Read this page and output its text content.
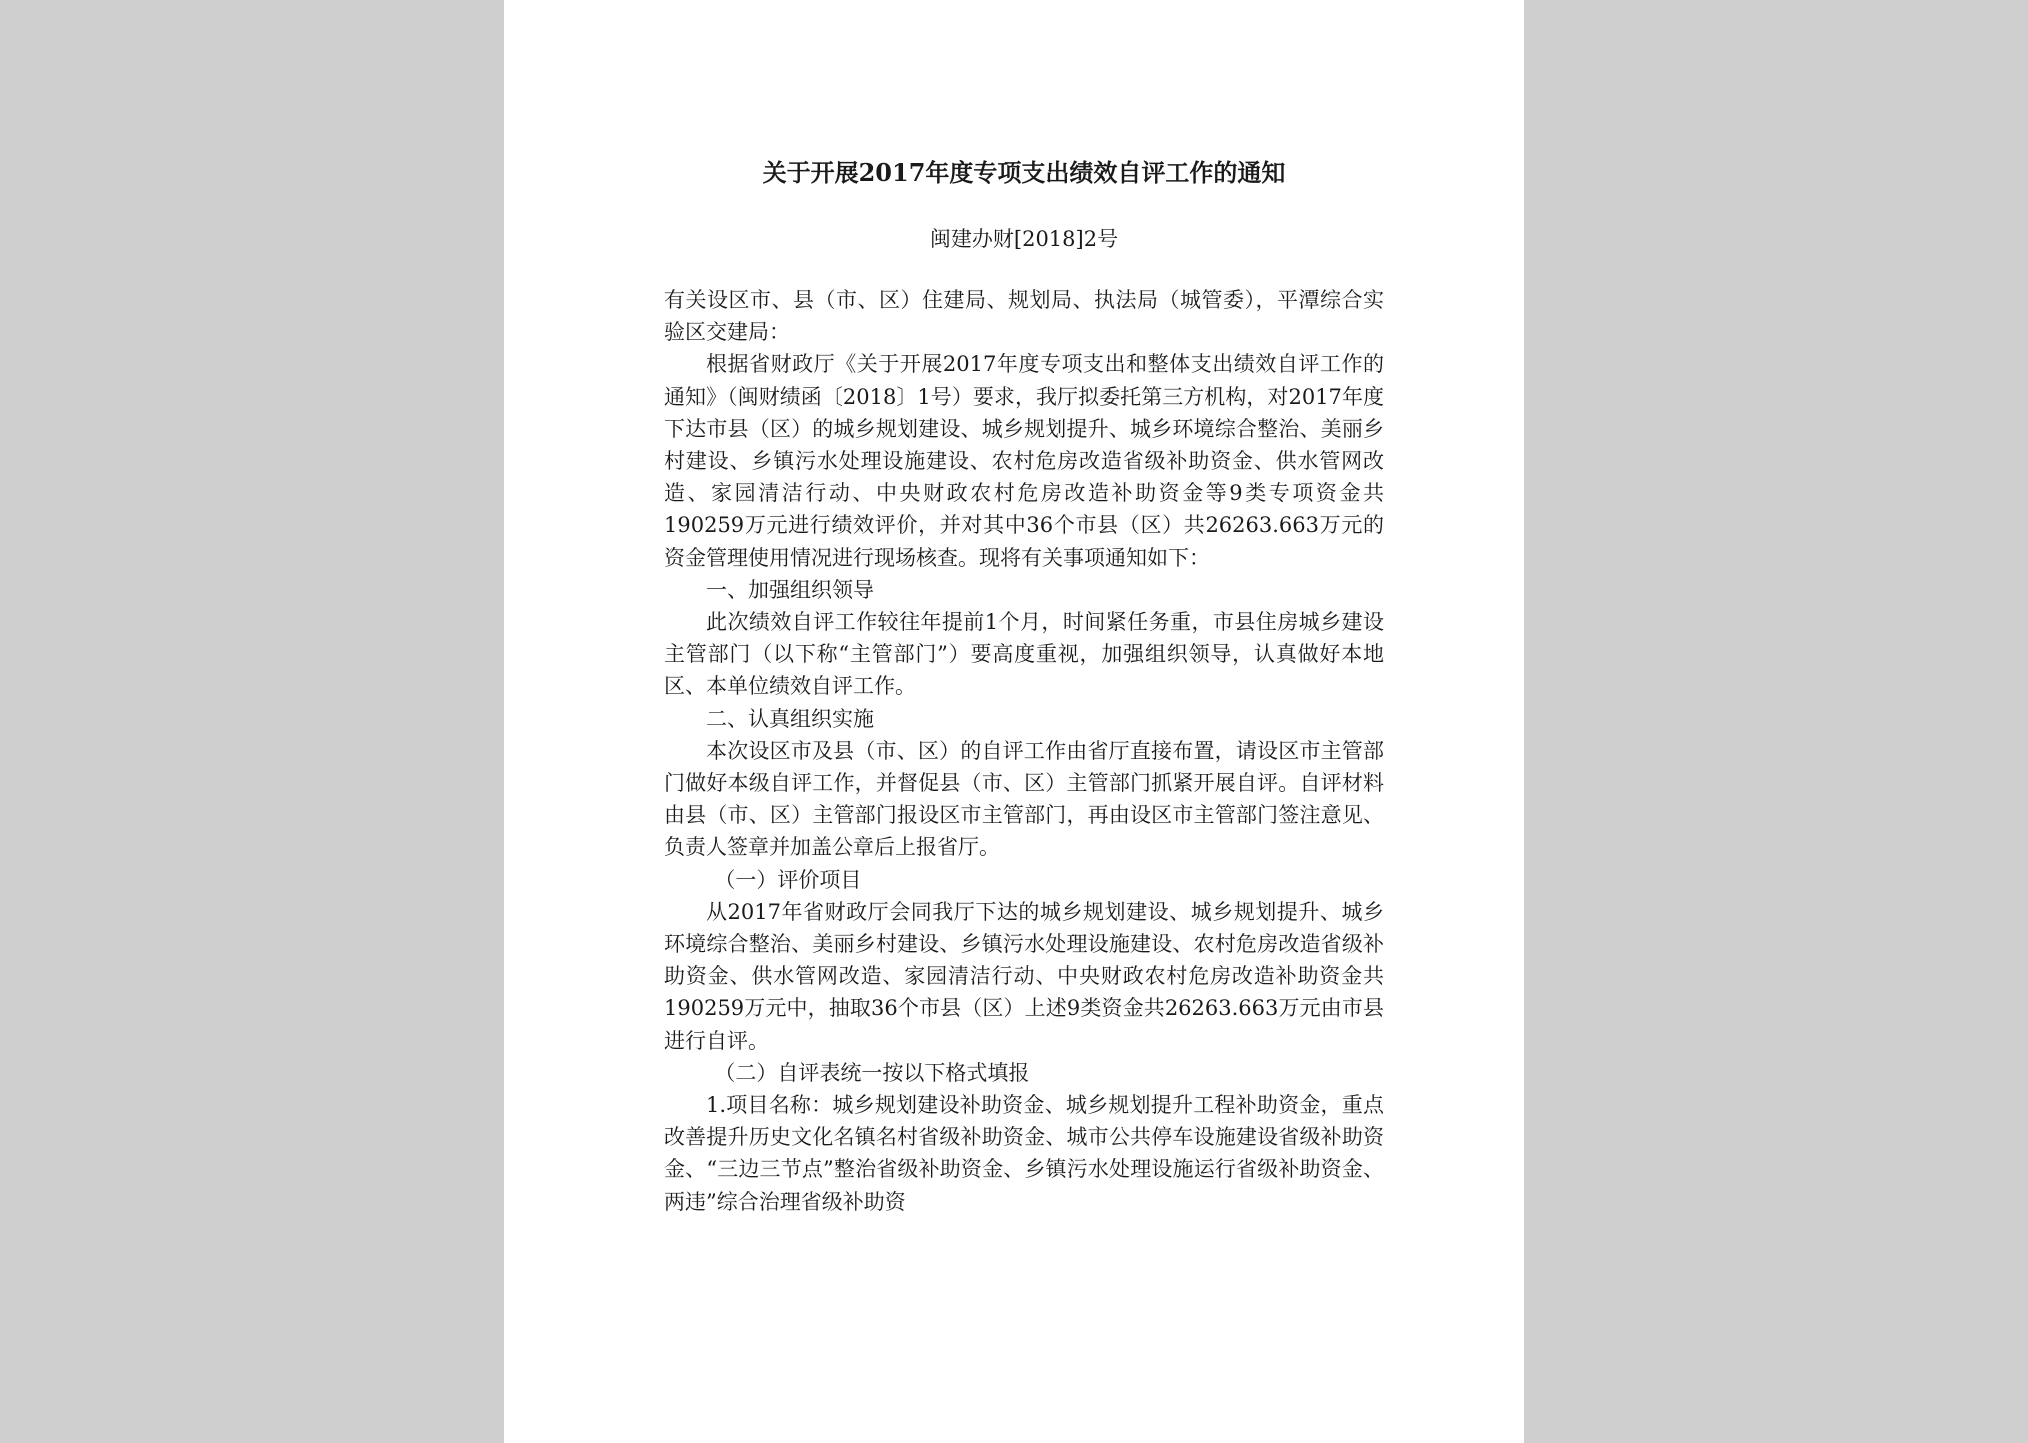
关于开展2017年度专项支出绩效自评工作的通知
闽建办财[2018]2号

有关设区市、县（市、区）住建局、规划局、执法局（城管委），平潭综合实验区交建局：

根据省财政厅《关于开展2017年度专项支出和整体支出绩效自评工作的通知》（闽财绩函〔2018〕1号）要求，我厅拟委托第三方机构，对2017年度下达市县（区）的城乡规划建设、城乡规划提升、城乡环境综合整治、美丽乡村建设、乡镇污水处理设施建设、农村危房改造省级补助资金、供水管网改造、家园清洁行动、中央财政农村危房改造补助资金等9类专项资金共190259万元进行绩效评价，并对其中36个市县（区）共26263.663万元的资金管理使用情况进行现场核查。现将有关事项通知如下：

一、加强组织领导

此次绩效自评工作较往年提前1个月，时间紧任务重，市县住房城乡建设主管部门（以下称“主管部门”）要高度重视，加强组织领导，认真做好本地区、本单位绩效自评工作。

二、认真组织实施

本次设区市及县（市、区）的自评工作由省厅直接布置，请设区市主管部门做好本级自评工作，并督促县（市、区）主管部门抓紧开展自评。自评材料由县（市、区）主管部门报设区市主管部门，再由设区市主管部门签注意见、负责人签章并加盖公章后上报省厅。

（一）评价项目

从2017年省财政厅会同我厅下达的城乡规划建设、城乡规划提升、城乡环境综合整治、美丽乡村建设、乡镇污水处理设施建设、农村危房改造省级补助资金、供水管网改造、家园清洁行动、中央财政农村危房改造补助资金共190259万元中，抽取36个市县（区）上述9类资金共26263.663万元由市县进行自评。

（二）自评表统一按以下格式填报

1.项目名称：城乡规划建设补助资金、城乡规划提升工程补助资金，重点改善提升历史文化名镇名村省级补助资金、城市公共停车设施建设省级补助资金、“三边三节点”整治省级补助资金、乡镇污水处理设施运行省级补助资金、两违”综合治理省级补助资
